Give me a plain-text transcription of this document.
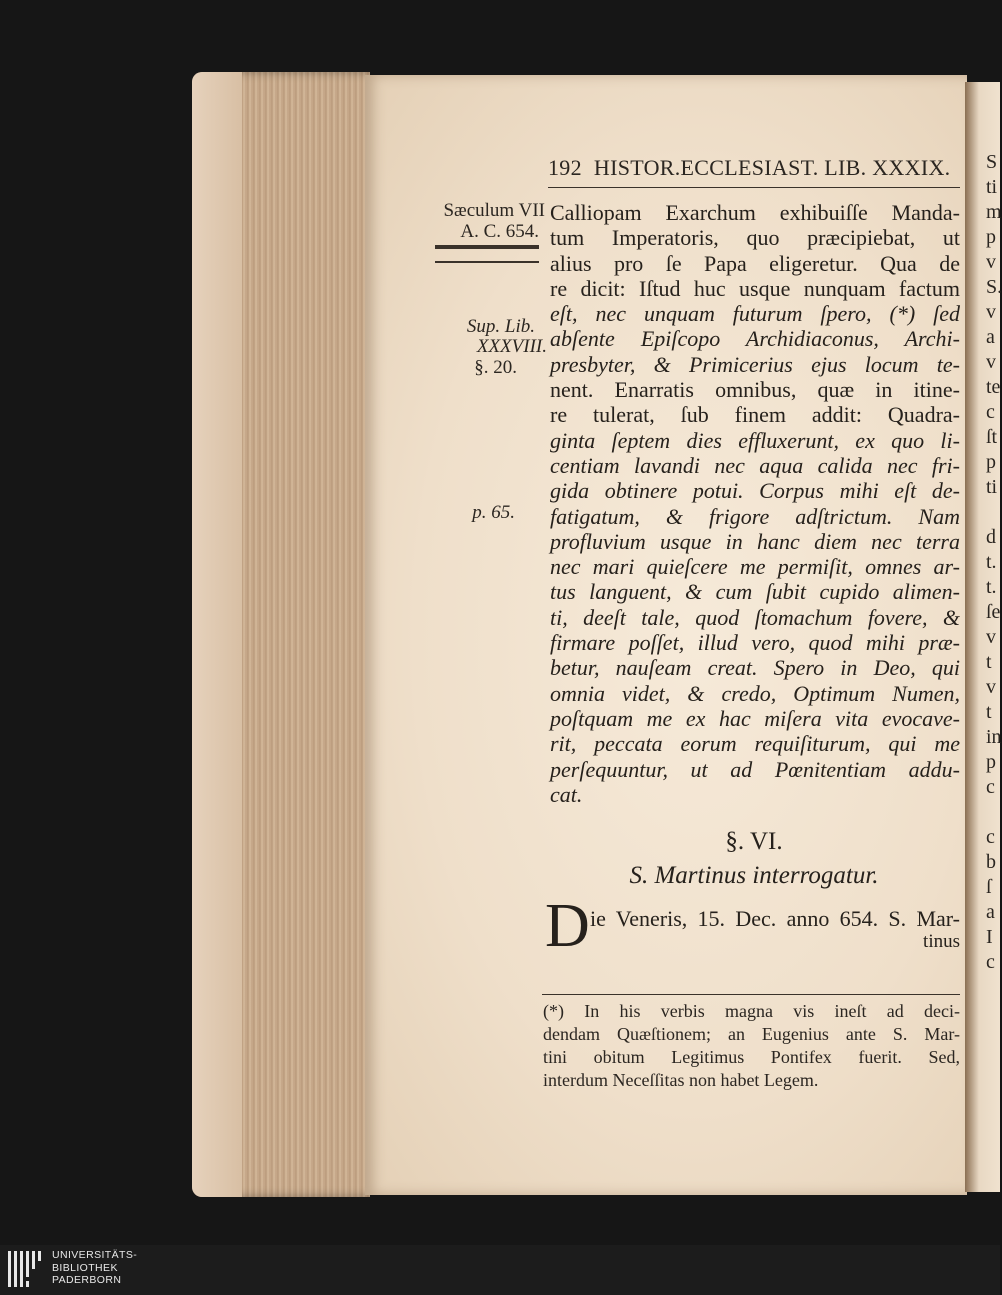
S
ti
m
p
v
S.
v
a
v
te
c
ſt
p
ti
d
t.
t.
ſe
v
t
v
t
in
p
c
c
b
ſ
a
I
c
192 HISTOR.ECCLESIAST. LIB. XXXIX.
Sæculum VII
A. C. 654.
Sup. Lib.
XXXVIII.
§. 20.
p. 65.
Calliopam Exarchum exhibuiſſe Manda-
tum Imperatoris, quo præcipiebat, ut
alius pro ſe Papa eligeretur. Qua de
re dicit: Iſtud huc usque nunquam factum
eſt, nec unquam futurum ſpero, (*) ſed
abſente Epiſcopo Archidiaconus, Archi-
presbyter, & Primicerius ejus locum te-
nent. Enarratis omnibus, quæ in itine-
re tulerat, ſub finem addit: Quadra-
ginta ſeptem dies effluxerunt, ex quo li-
centiam lavandi nec aqua calida nec fri-
gida obtinere potui. Corpus mihi eſt de-
fatigatum, & frigore adſtrictum. Nam
profluvium usque in hanc diem nec terra
nec mari quieſcere me permiſit, omnes ar-
tus languent, & cum ſubit cupido alimen-
ti, deeſt tale, quod ſtomachum fovere, &
firmare poſſet, illud vero, quod mihi præ-
betur, nauſeam creat. Spero in Deo, qui
omnia videt, & credo, Optimum Numen,
poſtquam me ex hac miſera vita evocave-
rit, peccata eorum requiſiturum, qui me
perſequuntur, ut ad Pœnitentiam addu-
cat.
§. VI.
S. Martinus interrogatur.
D ie Veneris, 15. Dec. anno 654. S. Mar-
tinus
(*) In his verbis magna vis ineſt ad deci-
dendam Quæſtionem; an Eugenius ante S. Mar-
tini obitum Legitimus Pontifex fuerit. Sed,
interdum Neceſſitas non habet Legem.
UNIVERSITÄTS-
BIBLIOTHEK
PADERBORN
